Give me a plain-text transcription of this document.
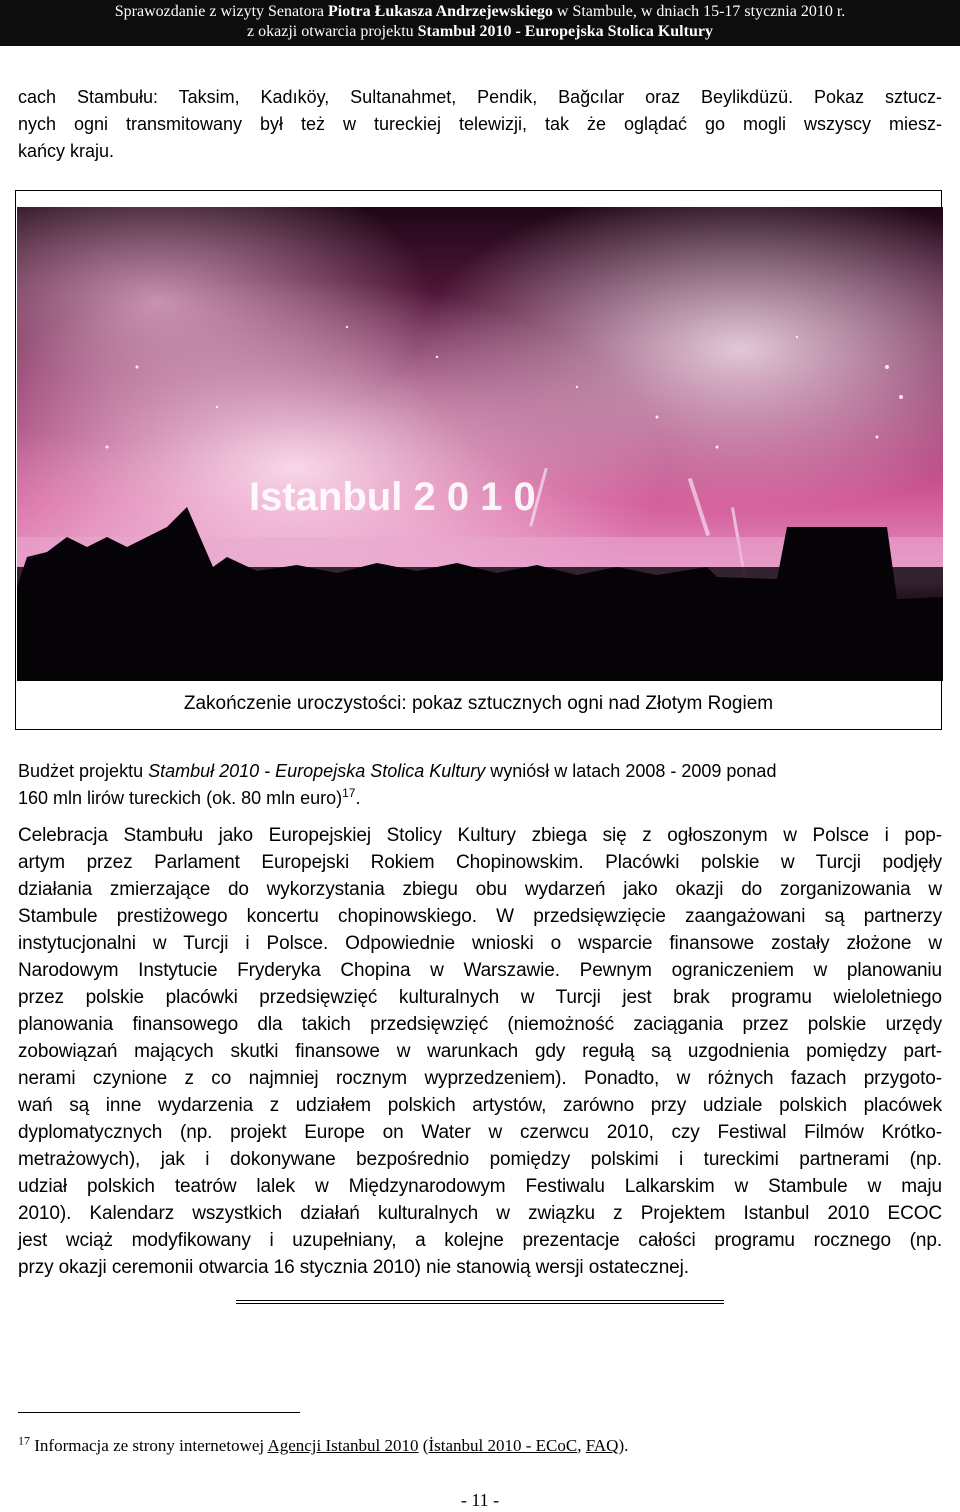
Sprawozdanie z wizyty Senatora Piotra Łukasza Andrzejewskiego w Stambule, w dniach 15-17 stycznia 2010 r.
z okazji otwarcia projektu Stambuł 2010 - Europejska Stolica Kultury
cach Stambułu: Taksim, Kadıköy, Sultanahmet, Pendik, Bağcılar oraz Beylikdüzü. Pokaz sztucz-
nych ogni transmitowany był też w tureckiej telewizji, tak że oglądać go mogli wszyscy miesz-
kańcy kraju.
Istanbul 2 0 1 0
Zakończenie uroczystości: pokaz sztucznych ogni nad Złotym Rogiem
Budżet projektu Stambuł 2010 - Europejska Stolica Kultury wyniósł w latach 2008 - 2009 ponad
160 mln lirów tureckich (ok. 80 mln euro)$^{17}$.
Celebracja Stambułu jako Europejskiej Stolicy Kultury zbiega się z ogłoszonym w Polsce i pop-
artym przez Parlament Europejski Rokiem Chopinowskim. Placówki polskie w Turcji podjęły
działania zmierzające do wykorzystania zbiegu obu wydarzeń jako okazji do zorganizowania w
Stambule prestiżowego koncertu chopinowskiego. W przedsięwzięcie zaangażowani są partnerzy
instytucjonalni w Turcji i Polsce. Odpowiednie wnioski o wsparcie finansowe zostały złożone w
Narodowym Instytucie Fryderyka Chopina w Warszawie. Pewnym ograniczeniem w planowaniu
przez polskie placówki przedsięwzięć kulturalnych w Turcji jest brak programu wieloletniego
planowania finansowego dla takich przedsięwzięć (niemożność zaciągania przez polskie urzędy
zobowiązań mających skutki finansowe w warunkach gdy regułą są uzgodnienia pomiędzy part-
nerami czynione z co najmniej rocznym wyprzedzeniem). Ponadto, w różnych fazach przygoto-
wań są inne wydarzenia z udziałem polskich artystów, zarówno przy udziale polskich placówek
dyplomatycznych (np. projekt Europe on Water w czerwcu 2010, czy Festiwal Filmów Krótko-
metrażowych), jak i dokonywane bezpośrednio pomiędzy polskimi i tureckimi partnerami (np.
udział polskich teatrów lalek w Międzynarodowym Festiwalu Lalkarskim w Stambule w maju
2010). Kalendarz wszystkich działań kulturalnych w związku z Projektem Istanbul 2010 ECOC
jest wciąż modyfikowany i uzupełniany, a kolejne prezentacje całości programu rocznego (np.
przy okazji ceremonii otwarcia 16 stycznia 2010) nie stanowią wersji ostatecznej.
$^{17}$ Informacja ze strony internetowej Agencji Istanbul 2010 (İstanbul 2010 - ECoC, FAQ).
- 11 -
